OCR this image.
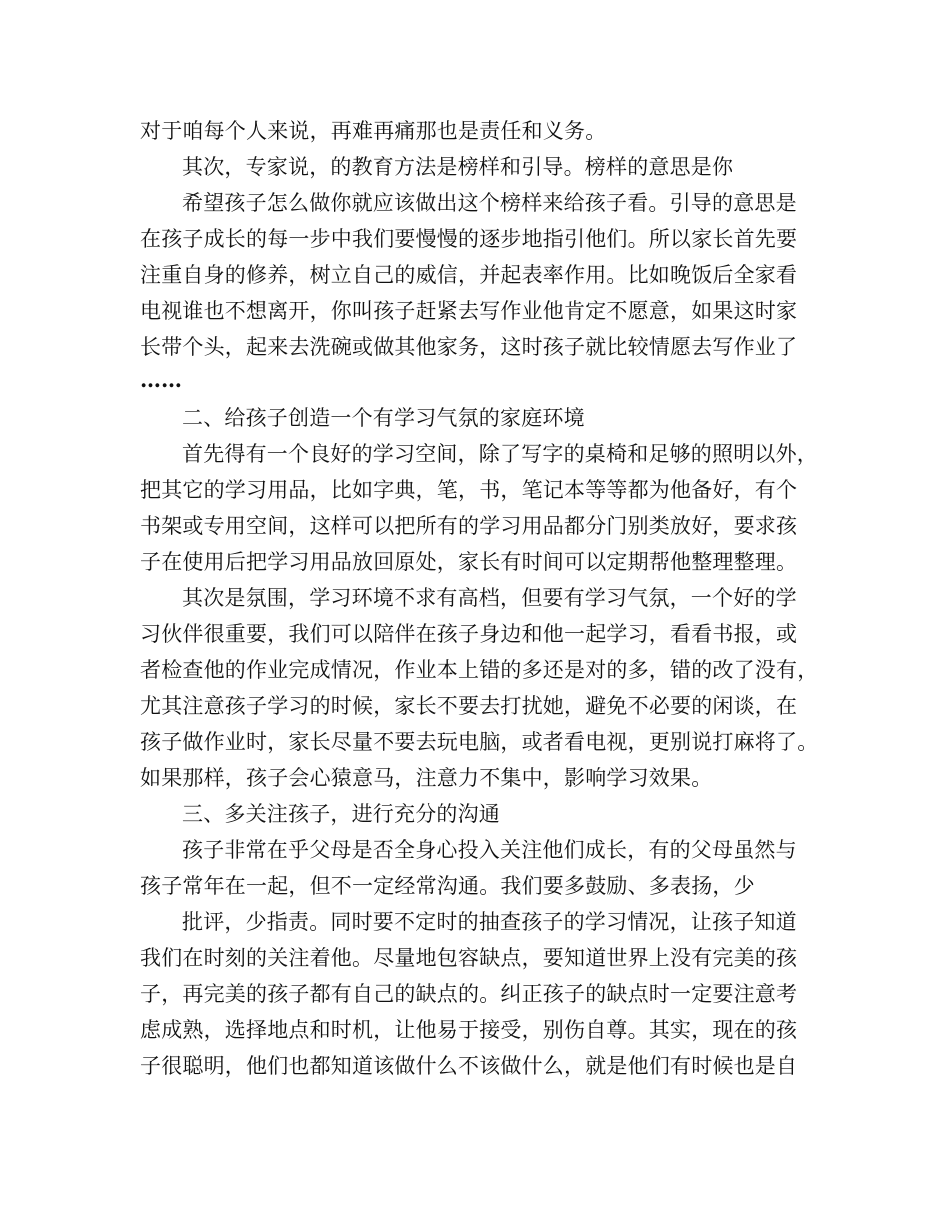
对于咱每个人来说，再难再痛那也是责任和义务。
其次，专家说，的教育方法是榜样和引导。榜样的意思是你
希望孩子怎么做你就应该做出这个榜样来给孩子看。引导的意思是
在孩子成长的每一步中我们要慢慢的逐步地指引他们。所以家长首先要
注重自身的修养，树立自己的威信，并起表率作用。比如晚饭后全家看
电视谁也不想离开，你叫孩子赶紧去写作业他肯定不愿意，如果这时家
长带个头，起来去洗碗或做其他家务，这时孩子就比较情愿去写作业了
……
二、给孩子创造一个有学习气氛的家庭环境
首先得有一个良好的学习空间，除了写字的桌椅和足够的照明以外，
把其它的学习用品，比如字典，笔，书，笔记本等等都为他备好，有个
书架或专用空间，这样可以把所有的学习用品都分门别类放好，要求孩
子在使用后把学习用品放回原处，家长有时间可以定期帮他整理整理。
其次是氛围，学习环境不求有高档，但要有学习气氛，一个好的学
习伙伴很重要，我们可以陪伴在孩子身边和他一起学习，看看书报，或
者检查他的作业完成情况，作业本上错的多还是对的多，错的改了没有，
尤其注意孩子学习的时候，家长不要去打扰她，避免不必要的闲谈，在
孩子做作业时，家长尽量不要去玩电脑，或者看电视，更别说打麻将了。
如果那样，孩子会心猿意马，注意力不集中，影响学习效果。
三、多关注孩子，进行充分的沟通
孩子非常在乎父母是否全身心投入关注他们成长，有的父母虽然与
孩子常年在一起，但不一定经常沟通。我们要多鼓励、多表扬，少
批评，少指责。同时要不定时的抽查孩子的学习情况，让孩子知道
我们在时刻的关注着他。尽量地包容缺点，要知道世界上没有完美的孩
子，再完美的孩子都有自己的缺点的。纠正孩子的缺点时一定要注意考
虑成熟，选择地点和时机，让他易于接受，别伤自尊。其实，现在的孩
子很聪明，他们也都知道该做什么不该做什么，就是他们有时候也是自
